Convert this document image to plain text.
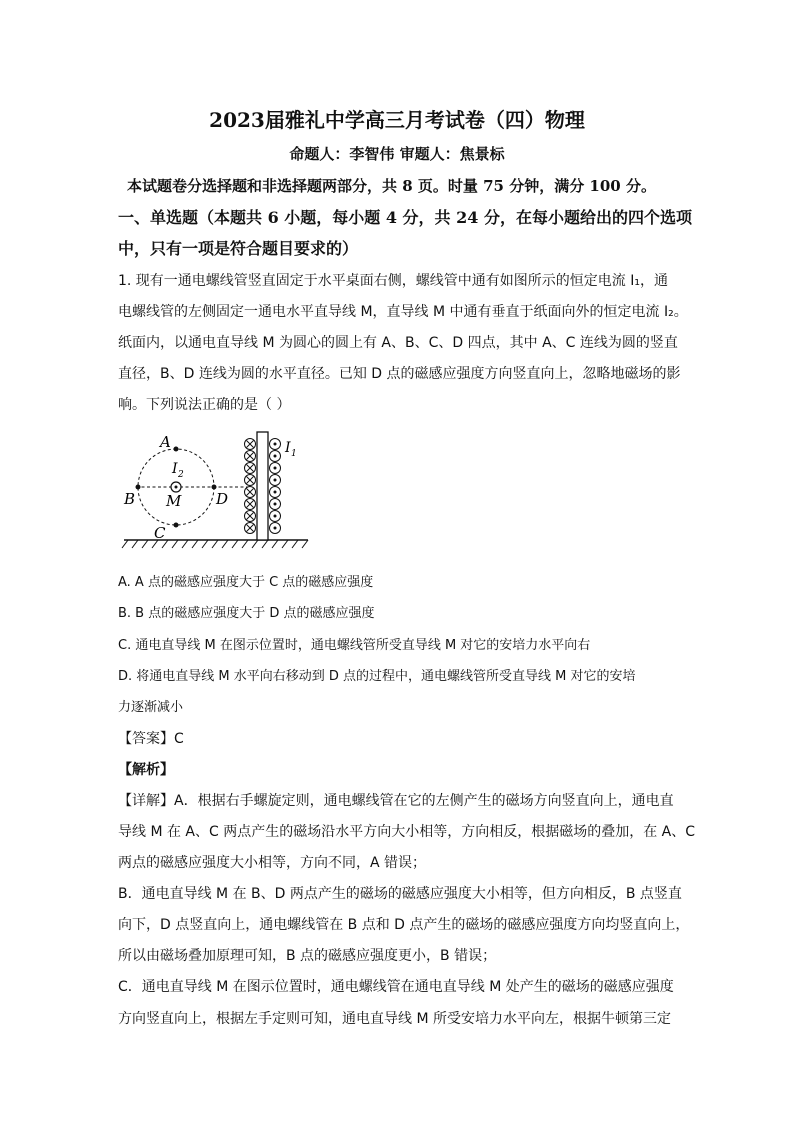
2023届雅礼中学高三月考试卷（四）物理
命题人：李智伟 审题人：焦景标
本试题卷分选择题和非选择题两部分，共 8 页。时量 75 分钟，满分 100 分。
一、单选题（本题共 6 小题，每小题 4 分，共 24 分，在每小题给出的四个选项
中，只有一项是符合题目要求的）
1. 现有一通电螺线管竖直固定于水平桌面右侧，螺线管中通有如图所示的恒定电流 I₁，通
电螺线管的左侧固定一通电水平直导线 M，直导线 M 中通有垂直于纸面向外的恒定电流 I₂。
纸面内，以通电直导线 M 为圆心的圆上有 A、B、C、D 四点，其中 A、C 连线为圆的竖直
直径，B、D 连线为圆的水平直径。已知 D 点的磁感应强度方向竖直向上，忽略地磁场的影
响。下列说法正确的是（ ）
A
B
C
D
M
I 2
I 1
A. A 点的磁感应强度大于 C 点的磁感应强度
B. B 点的磁感应强度大于 D 点的磁感应强度
C. 通电直导线 M 在图示位置时，通电螺线管所受直导线 M 对它的安培力水平向右
D. 将通电直导线 M 水平向右移动到 D 点的过程中，通电螺线管所受直导线 M 对它的安培
力逐渐减小
【答案】C
【解析】
【详解】A．根据右手螺旋定则，通电螺线管在它的左侧产生的磁场方向竖直向上，通电直
导线 M 在 A、C 两点产生的磁场沿水平方向大小相等，方向相反，根据磁场的叠加，在 A、C
两点的磁感应强度大小相等，方向不同，A 错误；
B．通电直导线 M 在 B、D 两点产生的磁场的磁感应强度大小相等，但方向相反，B 点竖直
向下，D 点竖直向上，通电螺线管在 B 点和 D 点产生的磁场的磁感应强度方向均竖直向上，
所以由磁场叠加原理可知，B 点的磁感应强度更小，B 错误；
C．通电直导线 M 在图示位置时，通电螺线管在通电直导线 M 处产生的磁场的磁感应强度
方向竖直向上，根据左手定则可知，通电直导线 M 所受安培力水平向左，根据牛顿第三定
